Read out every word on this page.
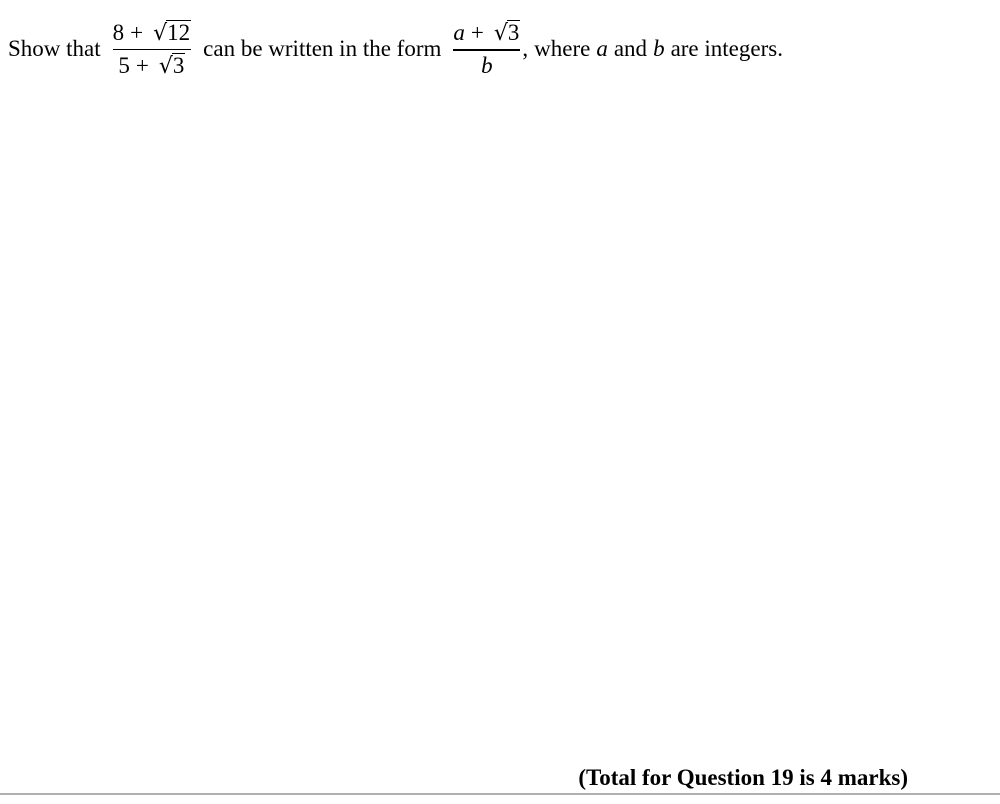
Show that $\frac{8 + √ 12}{5 + √ 3}$ can be written in the form $\frac{a + √ 3}{b}$ , where a and b are integers.
(Total for Question 19 is 4 marks)
